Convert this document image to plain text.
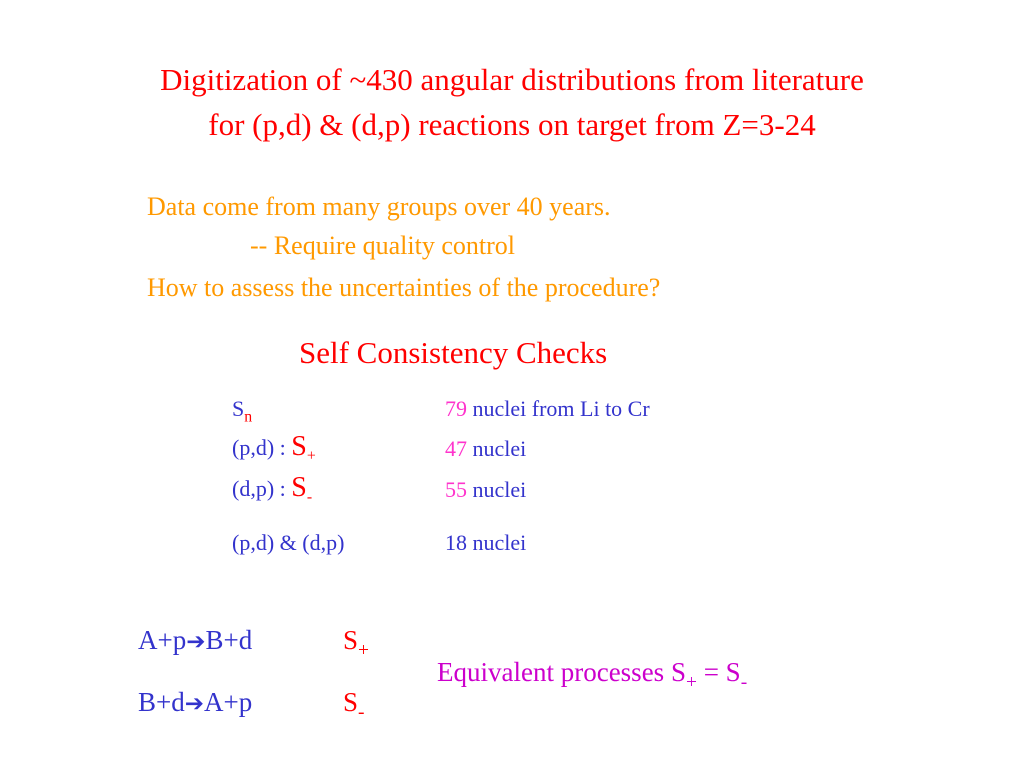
Digitization of ~430 angular distributions from literature
for (p,d) & (d,p) reactions on target from Z=3-24
Data come from many groups over 40 years.
-- Require quality control
How to assess the uncertainties of the procedure?
Self Consistency Checks
$S_n$	79 nuclei from Li to Cr
(p,d) : $S_+$	47 nuclei
(d,p) : $S_-$	55 nuclei
(p,d) & (d,p)	18 nuclei
A+p➔B+d	$S_+$
B+d➔A+p	$S_-$
Equivalent processes $S_+ = S_-$
